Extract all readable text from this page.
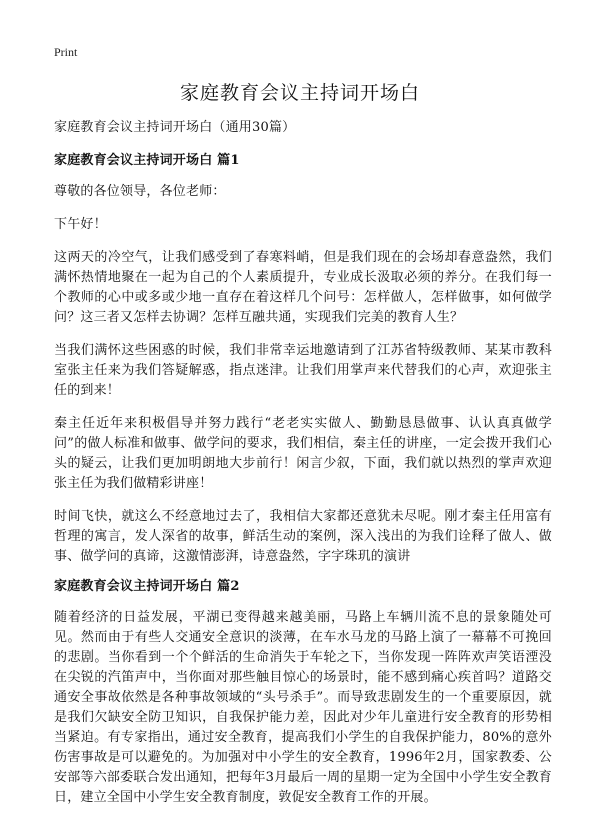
Print
家庭教育会议主持词开场白

家庭教育会议主持词开场白（通用30篇）

家庭教育会议主持词开场白 篇1

尊敬的各位领导，各位老师：

下午好！

这两天的冷空气，让我们感受到了春寒料峭，但是我们现在的会场却春意盎然，我们满怀热情地聚在一起为自己的个人素质提升，专业成长汲取必须的养分。在我们每一个教师的心中或多或少地一直存在着这样几个问号：怎样做人，怎样做事，如何做学问？这三者又怎样去协调？怎样互融共通，实现我们完美的教育人生？

当我们满怀这些困惑的时候，我们非常幸运地邀请到了江苏省特级教师、某某市教科室张主任来为我们答疑解惑，指点迷津。让我们用掌声来代替我们的心声，欢迎张主任的到来！

秦主任近年来积极倡导并努力践行“老老实实做人、勤勤恳恳做事、认认真真做学问”的做人标准和做事、做学问的要求，我们相信，秦主任的讲座，一定会拨开我们心头的疑云，让我们更加明朗地大步前行！闲言少叙，下面，我们就以热烈的掌声欢迎张主任为我们做精彩讲座！

时间飞快，就这么不经意地过去了，我相信大家都还意犹未尽呢。刚才秦主任用富有哲理的寓言，发人深省的故事，鲜活生动的案例，深入浅出的为我们诠释了做人、做事、做学问的真谛，这激情澎湃，诗意盎然，字字珠玑的演讲

家庭教育会议主持词开场白 篇2

随着经济的日益发展，平湖已变得越来越美丽，马路上车辆川流不息的景象随处可见。然而由于有些人交通安全意识的淡薄，在车水马龙的马路上演了一幕幕不可挽回的悲剧。当你看到一个个鲜活的生命消失于车轮之下，当你发现一阵阵欢声笑语湮没在尖锐的汽笛声中，当你面对那些触目惊心的场景时，能不感到痛心疾首吗？道路交通安全事故依然是各种事故领域的“头号杀手”。而导致悲剧发生的一个重要原因，就是我们欠缺安全防卫知识，自我保护能力差，因此对少年儿童进行安全教育的形势相当紧迫。有专家指出，通过安全教育，提高我们小学生的自我保护能力，80%的意外伤害事故是可以避免的。为加强对中小学生的安全教育，1996年2月，国家教委、公安部等六部委联合发出通知，把每年3月最后一周的星期一定为全国中小学生安全教育日，建立全国中小学生安全教育制度，敦促安全教育工作的开展。
